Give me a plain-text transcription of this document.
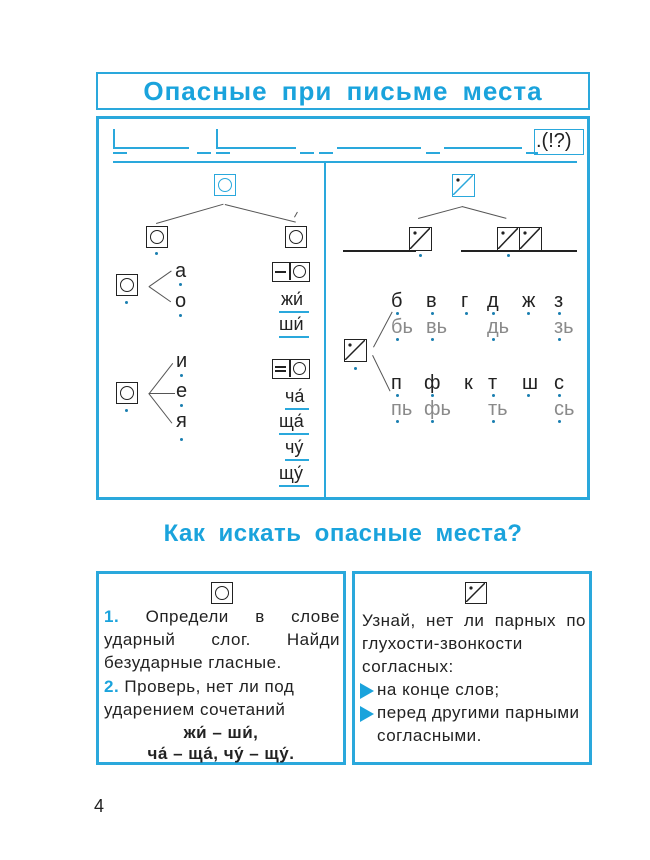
Опасные при письме места
.(!?)
а
о
и
е
я
жи́
ши́
ча́
ща́
чу́
щу́
б в г д ж з
бь вь дь зь
п ф к т ш с
пь фь ть сь
Как искать опасные места?
1. Определи в слове ударный слог. Найди безударные гласные.
2. Проверь, нет ли под ударением сочетаний
жи́ – ши́,
ча́ – ща́, чу́ – щу́.
Узнай, нет ли парных по глухости-звонкости согласных:
на конце слов;
перед другими парными согласными.
4
